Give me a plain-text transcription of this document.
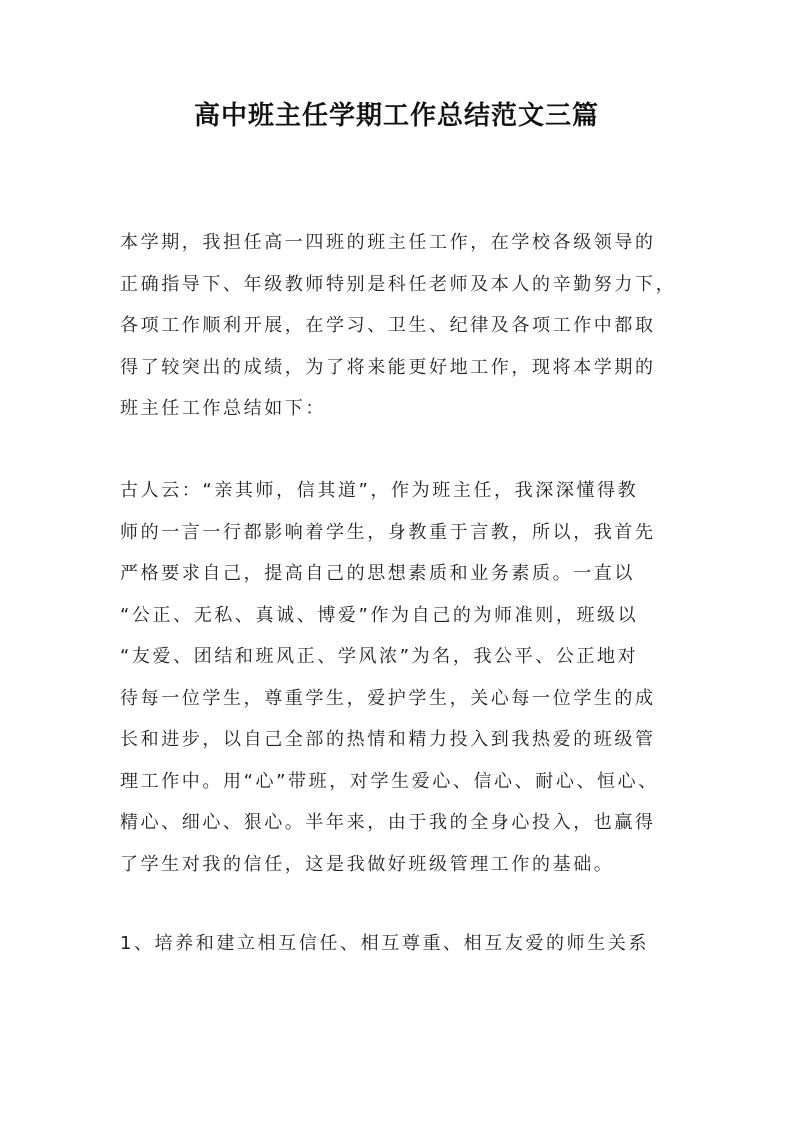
高中班主任学期工作总结范文三篇
本学期，我担任高一四班的班主任工作，在学校各级领导的
正确指导下、年级教师特别是科任老师及本人的辛勤努力下，
各项工作顺利开展，在学习、卫生、纪律及各项工作中都取
得了较突出的成绩，为了将来能更好地工作，现将本学期的
班主任工作总结如下：
古人云：“亲其师，信其道”，作为班主任，我深深懂得教
师的一言一行都影响着学生，身教重于言教，所以，我首先
严格要求自己，提高自己的思想素质和业务素质。一直以
“公正、无私、真诚、博爱”作为自己的为师准则，班级以
“友爱、团结和班风正、学风浓”为名，我公平、公正地对
待每一位学生，尊重学生，爱护学生，关心每一位学生的成
长和进步，以自己全部的热情和精力投入到我热爱的班级管
理工作中。用“心”带班，对学生爱心、信心、耐心、恒心、
精心、细心、狠心。半年来，由于我的全身心投入，也赢得
了学生对我的信任，这是我做好班级管理工作的基础。
1、培养和建立相互信任、相互尊重、相互友爱的师生关系
